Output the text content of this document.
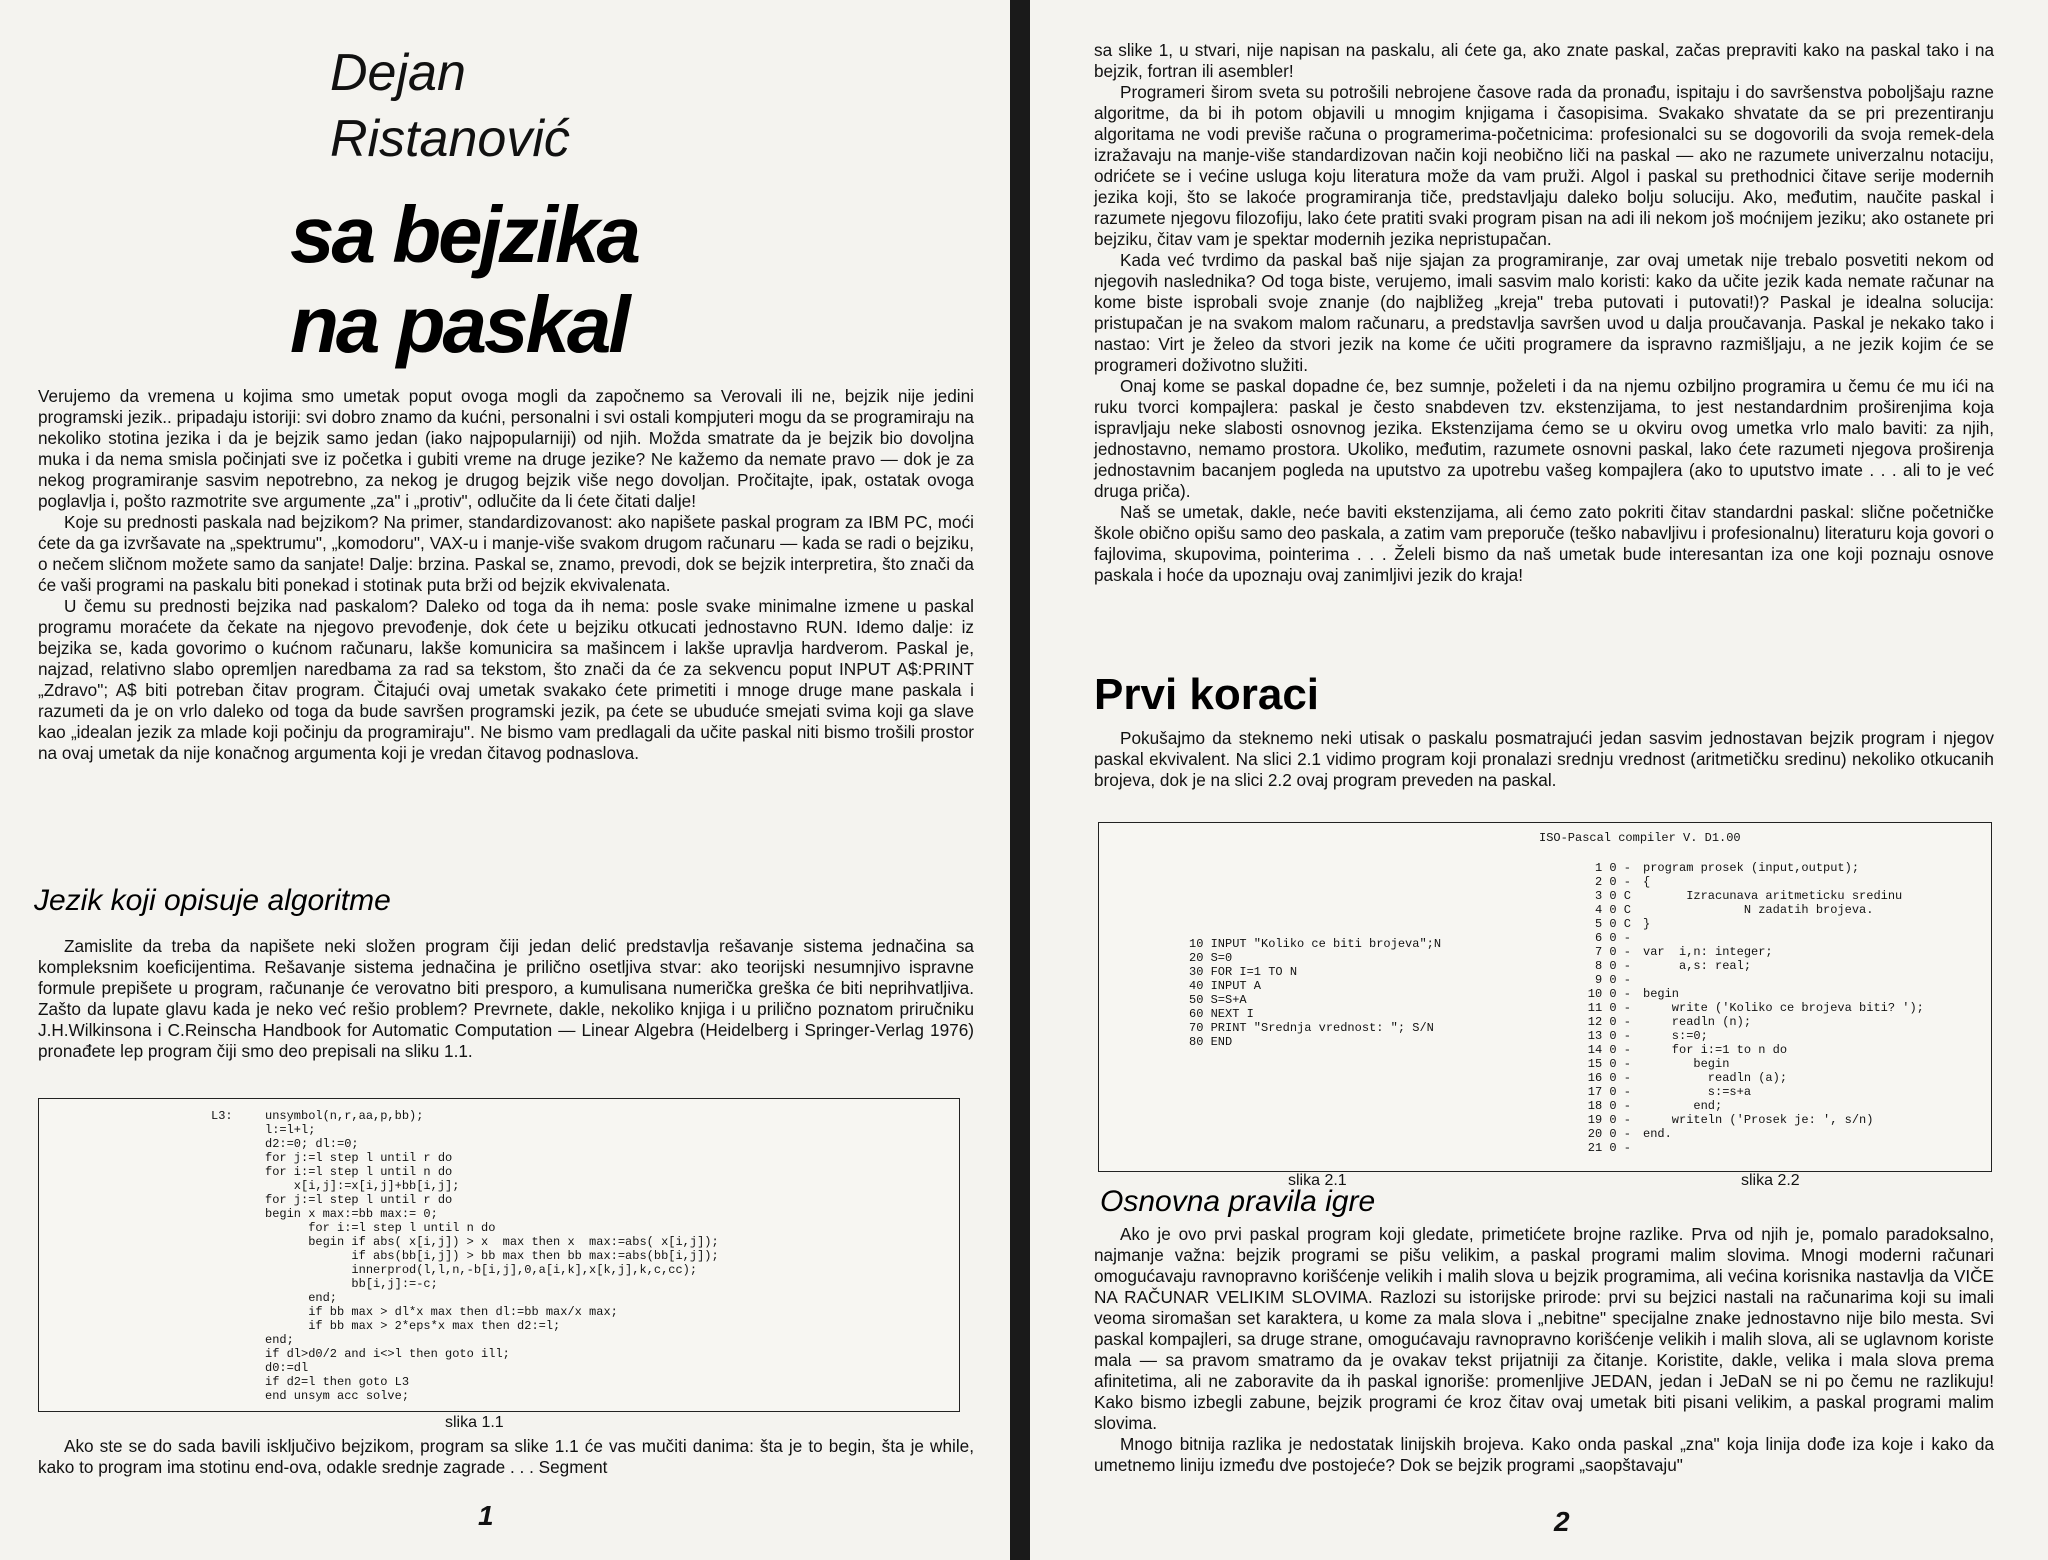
Dejan
Ristanović
sa bejzika
na paskal

Verujemo da vremena u kojima smo umetak poput ovoga mogli da započnemo sa Verovali ili ne, bejzik nije jedini programski jezik.. pripadaju istoriji: svi dobro znamo da kućni, personalni i svi ostali kompjuteri mogu da se programiraju na nekoliko stotina jezika i da je bejzik samo jedan (iako najpopularniji) od njih. Možda smatrate da je bejzik bio dovoljna muka i da nema smisla počinjati sve iz početka i gubiti vreme na druge jezike? Ne kažemo da nemate pravo — dok je za nekog programiranje sasvim nepotrebno, za nekog je drugog bejzik više nego dovoljan. Pročitajte, ipak, ostatak ovoga poglavlja i, pošto razmotrite sve argumente „za" i „protiv", odlučite da li ćete čitati dalje!

Koje su prednosti paskala nad bejzikom? Na primer, standardizovanost: ako napišete paskal program za IBM PC, moći ćete da ga izvršavate na „spektrumu", „komodoru", VAX-u i manje-više svakom drugom računaru — kada se radi o bejziku, o nečem sličnom možete samo da sanjate! Dalje: brzina. Paskal se, znamo, prevodi, dok se bejzik interpretira, što znači da će vaši programi na paskalu biti ponekad i stotinak puta brži od bejzik ekvivalenata.

U čemu su prednosti bejzika nad paskalom? Daleko od toga da ih nema: posle svake minimalne izmene u paskal programu moraćete da čekate na njegovo prevođenje, dok ćete u bejziku otkucati jednostavno RUN. Idemo dalje: iz bejzika se, kada govorimo o kućnom računaru, lakše komunicira sa mašincem i lakše upravlja hardverom. Paskal je, najzad, relativno slabo opremljen naredbama za rad sa tekstom, što znači da će za sekvencu poput INPUT A$:PRINT „Zdravo"; A$ biti potreban čitav program. Čitajući ovaj umetak svakako ćete primetiti i mnoge druge mane paskala i razumeti da je on vrlo daleko od toga da bude savršen programski jezik, pa ćete se ubuduće smejati svima koji ga slave kao „idealan jezik za mlade koji počinju da programiraju". Ne bismo vam predlagali da učite paskal niti bismo trošili prostor na ovaj umetak da nije konačnog argumenta koji je vredan čitavog podnaslova.

Jezik koji opisuje algoritme

Zamislite da treba da napišete neki složen program čiji jedan delić predstavlja rešavanje sistema jednačina sa kompleksnim koeficijentima. Rešavanje sistema jednačina je prilično osetljiva stvar: ako teorijski nesumnjivo ispravne formule prepišete u program, računanje će verovatno biti presporo, a kumulisana numerička greška će biti neprihvatljiva. Zašto da lupate glavu kada je neko već rešio problem? Prevrnete, dakle, nekoliko knjiga i u prilično poznatom priručniku J.H.Wilkinsona i C.Reinscha Handbook for Automatic Computation — Linear Algebra (Heidelberg i Springer-Verlag 1976) pronađete lep program čiji smo deo prepisali na sliku 1.1.

L3:	unsymbol(n,r,aa,p,bb);
l:=l+l;
d2:=0; dl:=0;
for j:=l step l until r do
for i:=l step l until n do
x[i,j]:=x[i,j]+bb[i,j];
for j:=l step l until r do
begin x max:=bb max:= 0;
for i:=l step l until n do
begin if abs( x[i,j]) > x  max then x  max:=abs( x[i,j]);
if abs(bb[i,j]) > bb max then bb max:=abs(bb[i,j]);
innerprod(l,l,n,-b[i,j],0,a[i,k],x[k,j],k,c,cc);
bb[i,j]:=-c;
end;
if bb max > dl*x max then dl:=bb max/x max;
if bb max > 2*eps*x max then d2:=l;
end;
if dl>d0/2 and i<>l then goto ill;
d0:=dl
if d2=l then goto L3
end unsym acc solve;
slika 1.1

Ako ste se do sada bavili isključivo bejzikom, program sa slike 1.1 će vas mučiti danima: šta je to begin, šta je while, kako to program ima stotinu end-ova, odakle srednje zagrade . . . Segment

1

sa slike 1, u stvari, nije napisan na paskalu, ali ćete ga, ako znate paskal, začas prepraviti kako na paskal tako i na bejzik, fortran ili asembler!

Programeri širom sveta su potrošili nebrojene časove rada da pronađu, ispitaju i do savršenstva poboljšaju razne algoritme, da bi ih potom objavili u mnogim knjigama i časopisima. Svakako shvatate da se pri prezentiranju algoritama ne vodi previše računa o programerima-početnicima: profesionalci su se dogovorili da svoja remek-dela izražavaju na manje-više standardizovan način koji neobično liči na paskal — ako ne razumete univerzalnu notaciju, odrićete se i većine usluga koju literatura može da vam pruži. Algol i paskal su prethodnici čitave serije modernih jezika koji, što se lakoće programiranja tiče, predstavljaju daleko bolju soluciju. Ako, međutim, naučite paskal i razumete njegovu filozofiju, lako ćete pratiti svaki program pisan na adi ili nekom još moćnijem jeziku; ako ostanete pri bejziku, čitav vam je spektar modernih jezika nepristupačan.

Kada već tvrdimo da paskal baš nije sjajan za programiranje, zar ovaj umetak nije trebalo posvetiti nekom od njegovih naslednika? Od toga biste, verujemo, imali sasvim malo koristi: kako da učite jezik kada nemate računar na kome biste isprobali svoje znanje (do najbližeg „kreja" treba putovati i putovati!)? Paskal je idealna solucija: pristupačan je na svakom malom računaru, a predstavlja savršen uvod u dalja proučavanja. Paskal je nekako tako i nastao: Virt je želeo da stvori jezik na kome će učiti programere da ispravno razmišljaju, a ne jezik kojim će se programeri doživotno služiti.

Onaj kome se paskal dopadne će, bez sumnje, poželeti i da na njemu ozbiljno programira u čemu će mu ići na ruku tvorci kompajlera: paskal je često snabdeven tzv. ekstenzijama, to jest nestandardnim proširenjima koja ispravljaju neke slabosti osnovnog jezika. Ekstenzijama ćemo se u okviru ovog umetka vrlo malo baviti: za njih, jednostavno, nemamo prostora. Ukoliko, međutim, razumete osnovni paskal, lako ćete razumeti njegova proširenja jednostavnim bacanjem pogleda na uputstvo za upotrebu vašeg kompajlera (ako to uputstvo imate . . . ali to je već druga priča).

Naš se umetak, dakle, neće baviti ekstenzijama, ali ćemo zato pokriti čitav standardni paskal: slične početničke škole obično opišu samo deo paskala, a zatim vam preporuče (teško nabavljivu i profesionalnu) literaturu koja govori o fajlovima, skupovima, pointerima . . . Želeli bismo da naš umetak bude interesantan iza one koji poznaju osnove paskala i hoće da upoznaju ovaj zanimljivi jezik do kraja!

Prvi koraci

Pokušajmo da steknemo neki utisak o paskalu posmatrajući jedan sasvim jednostavan bejzik program i njegov paskal ekvivalent. Na slici 2.1 vidimo program koji pronalazi srednju vrednost (aritmetičku sredinu) nekoliko otkucanih brojeva, dok je na slici 2.2 ovaj program preveden na paskal.

ISO-Pascal compiler V. D1.00
10 INPUT "Koliko ce biti brojeva";N
20 S=0
30 FOR I=1 TO N
40 INPUT A
50 S=S+A
60 NEXT I
70 PRINT "Srednja vrednost: "; S/N
80 END
1 0 -
2 0 -
3 0 C
4 0 C
5 0 C
6 0 -
7 0 -
8 0 -
9 0 -
10 0 -
11 0 -
12 0 -
13 0 -
14 0 -
15 0 -
16 0 -
17 0 -
18 0 -
19 0 -
20 0 -
21 0 -
program prosek (input,output);
{
Izracunava aritmeticku sredinu
N zadatih brojeva.
}

var  i,n: integer;
a,s: real;

begin
write ('Koliko ce brojeva biti? ');
readln (n);
s:=0;
for i:=1 to n do
begin
readln (a);
s:=s+a
end;
writeln ('Prosek je: ', s/n)
end.
slika 2.1	slika 2.2
Osnovna pravila igre

Ako je ovo prvi paskal program koji gledate, primetićete brojne razlike. Prva od njih je, pomalo paradoksalno, najmanje važna: bejzik programi se pišu velikim, a paskal programi malim slovima. Mnogi moderni računari omogućavaju ravnopravno korišćenje velikih i malih slova u bejzik programima, ali većina korisnika nastavlja da VIČE NA RAČUNAR VELIKIM SLOVIMA. Razlozi su istorijske prirode: prvi su bejzici nastali na računarima koji su imali veoma siromašan set karaktera, u kome za mala slova i „nebitne" specijalne znake jednostavno nije bilo mesta. Svi paskal kompajleri, sa druge strane, omogućavaju ravnopravno korišćenje velikih i malih slova, ali se uglavnom koriste mala — sa pravom smatramo da je ovakav tekst prijatniji za čitanje. Koristite, dakle, velika i mala slova prema afinitetima, ali ne zaboravite da ih paskal ignoriše: promenljive JEDAN, jedan i JeDaN se ni po čemu ne razlikuju! Kako bismo izbegli zabune, bejzik programi će kroz čitav ovaj umetak biti pisani velikim, a paskal programi malim slovima.

Mnogo bitnija razlika je nedostatak linijskih brojeva. Kako onda paskal „zna" koja linija dođe iza koje i kako da umetnemo liniju između dve postojeće? Dok se bejzik programi „saopštavaju"

2
